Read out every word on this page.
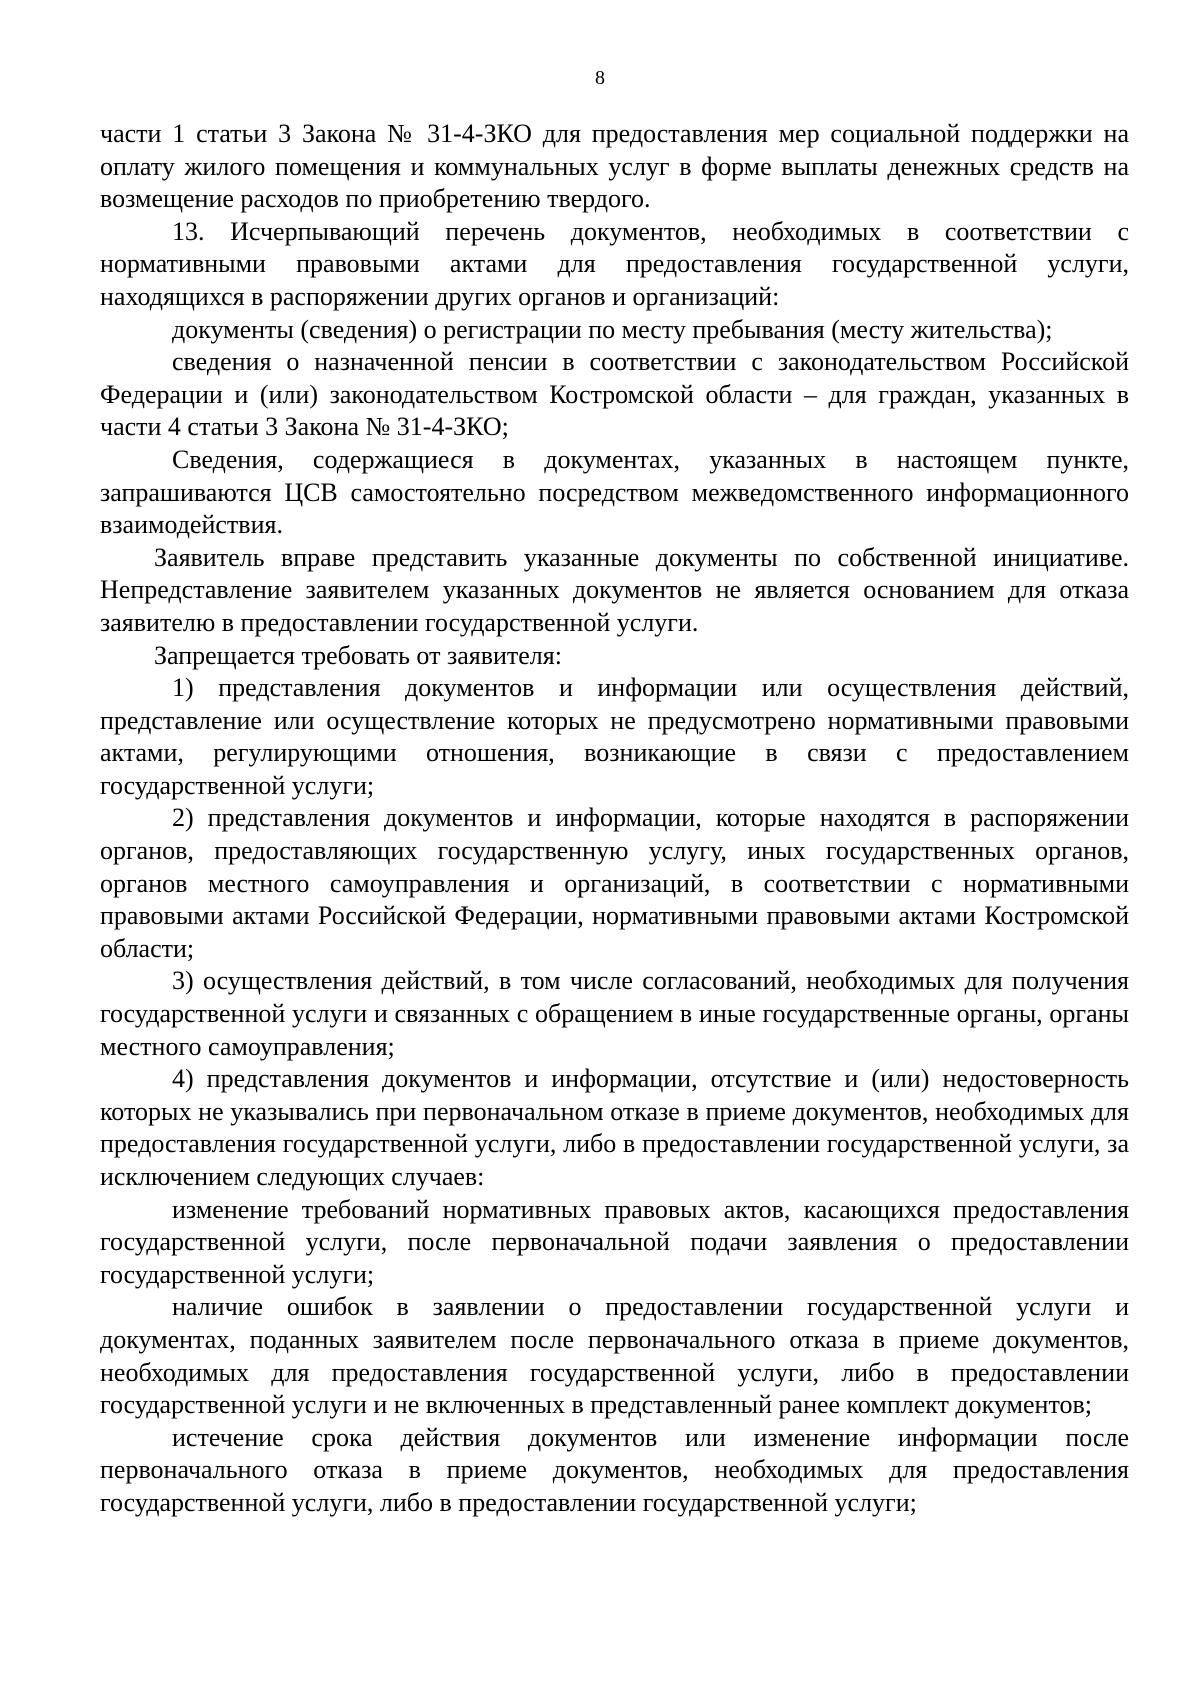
8

части 1 статьи 3 Закона № 31-4-ЗКО для предоставления мер социальной поддержки на оплату жилого помещения и коммунальных услуг в форме выплаты денежных средств на возмещение расходов по приобретению твердого.

13. Исчерпывающий перечень документов, необходимых в соответствии с нормативными правовыми актами для предоставления государственной услуги, находящихся в распоряжении других органов и организаций:

документы (сведения) о регистрации по месту пребывания (месту жительства);

сведения о назначенной пенсии в соответствии с законодательством Российской Федерации и (или) законодательством Костромской области – для граждан, указанных в части 4 статьи 3 Закона № 31-4-ЗКО;

Сведения, содержащиеся в документах, указанных в настоящем пункте, запрашиваются ЦСВ самостоятельно посредством межведомственного информационного взаимодействия.

Заявитель вправе представить указанные документы по собственной инициативе. Непредставление заявителем указанных документов не является основанием для отказа заявителю в предоставлении государственной услуги.

Запрещается требовать от заявителя:

1) представления документов и информации или осуществления действий, представление или осуществление которых не предусмотрено нормативными правовыми актами, регулирующими отношения, возникающие в связи с предоставлением государственной услуги;

2) представления документов и информации, которые находятся в распоряжении органов, предоставляющих государственную услугу, иных государственных органов, органов местного самоуправления и организаций, в соответствии с нормативными правовыми актами Российской Федерации, нормативными правовыми актами Костромской области;

3) осуществления действий, в том числе согласований, необходимых для получения государственной услуги и связанных с обращением в иные государственные органы, органы местного самоуправления;

4) представления документов и информации, отсутствие и (или) недостоверность которых не указывались при первоначальном отказе в приеме документов, необходимых для предоставления государственной услуги, либо в предоставлении государственной услуги, за исключением следующих случаев:

изменение требований нормативных правовых актов, касающихся предоставления государственной услуги, после первоначальной подачи заявления о предоставлении государственной услуги;

наличие ошибок в заявлении о предоставлении государственной услуги и документах, поданных заявителем после первоначального отказа в приеме документов, необходимых для предоставления государственной услуги, либо в предоставлении государственной услуги и не включенных в представленный ранее комплект документов;

истечение срока действия документов или изменение информации после первоначального отказа в приеме документов, необходимых для предоставления государственной услуги, либо в предоставлении государственной услуги;
